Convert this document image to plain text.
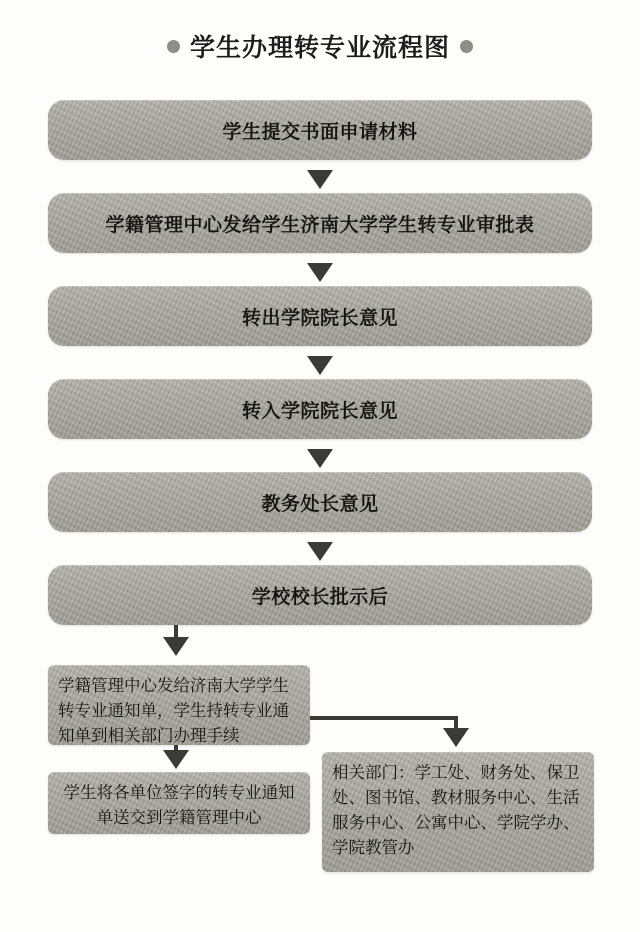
学生办理转专业流程图
学生提交书面申请材料
学籍管理中心发给学生济南大学学生转专业审批表
转出学院院长意见
转入学院院长意见
教务处长意见
学校校长批示后
学籍管理中心发给济南大学学生转专业通知单，学生持转专业通知单到相关部门办理手续
学生将各单位签字的转专业通知单送交到学籍管理中心
相关部门：学工处、财务处、保卫处、图书馆、教材服务中心、生活服务中心、公寓中心、学院学办、学院教管办
